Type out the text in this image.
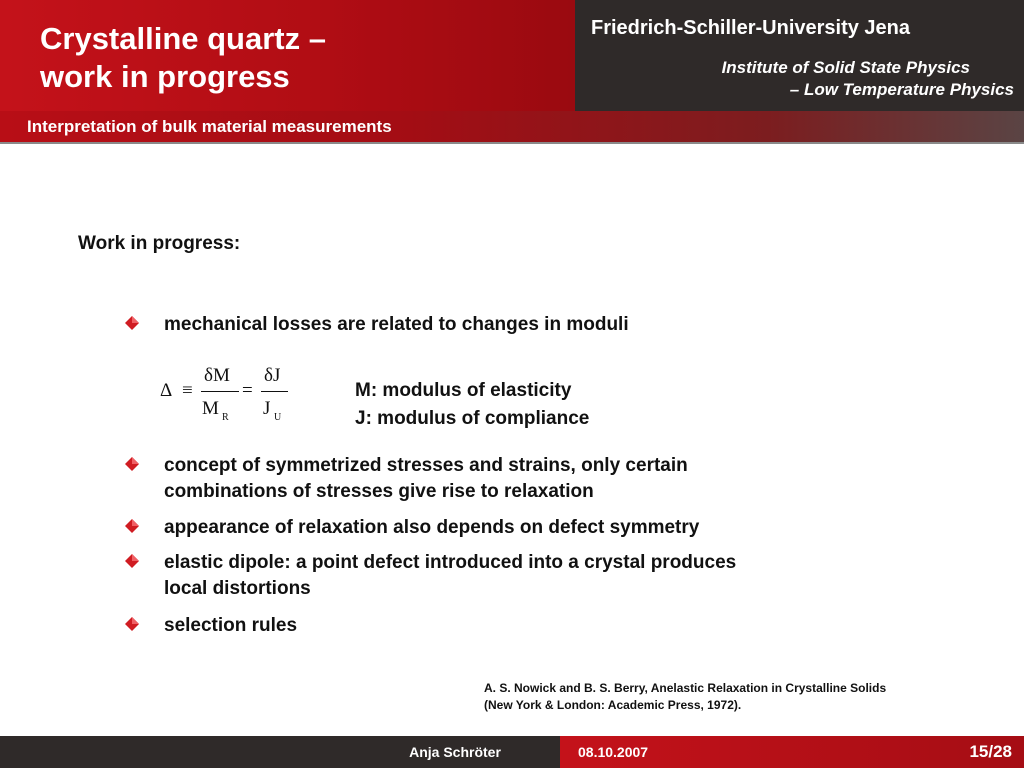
Crystalline quartz –
work in progress
Friedrich-Schiller-University Jena
Institute of Solid State Physics
– Low Temperature Physics
Interpretation of bulk material measurements
Work in progress:
mechanical losses are related to changes in moduli
Δ ≡
δM
M R
=
δJ
J U
M: modulus of elasticity
J: modulus of compliance
concept of symmetrized stresses and strains, only certain combinations of stresses give rise to relaxation
appearance of relaxation also depends on defect symmetry
elastic dipole: a point defect introduced into a crystal produces local distortions
selection rules
A. S. Nowick and B. S. Berry, Anelastic Relaxation in Crystalline Solids
(New York & London: Academic Press, 1972).
Anja Schröter	08.10.2007	15/28
